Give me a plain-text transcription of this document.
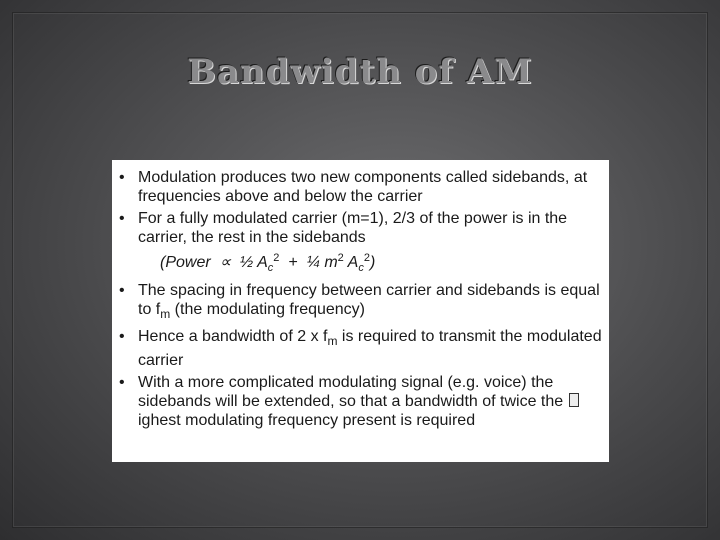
Bandwidth of AM
• Modulation produces two new components called sidebands, at frequencies above and below the carrier
• For a fully modulated carrier (m=1), 2/3 of the power is in the carrier, the rest in the sidebands
(Power ∝ ½ $A_c^2$ + ¼ $m^2$ $A_c^2$)
• The spacing in frequency between carrier and sidebands is equal to $f_m$ (the modulating frequency)
• Hence a bandwidth of 2 x $f_m$ is required to transmit the modulated carrier
• With a more complicated modulating signal (e.g. voice) the sidebands will be extended, so that a bandwidth of twice the ighest modulating frequency present is required
